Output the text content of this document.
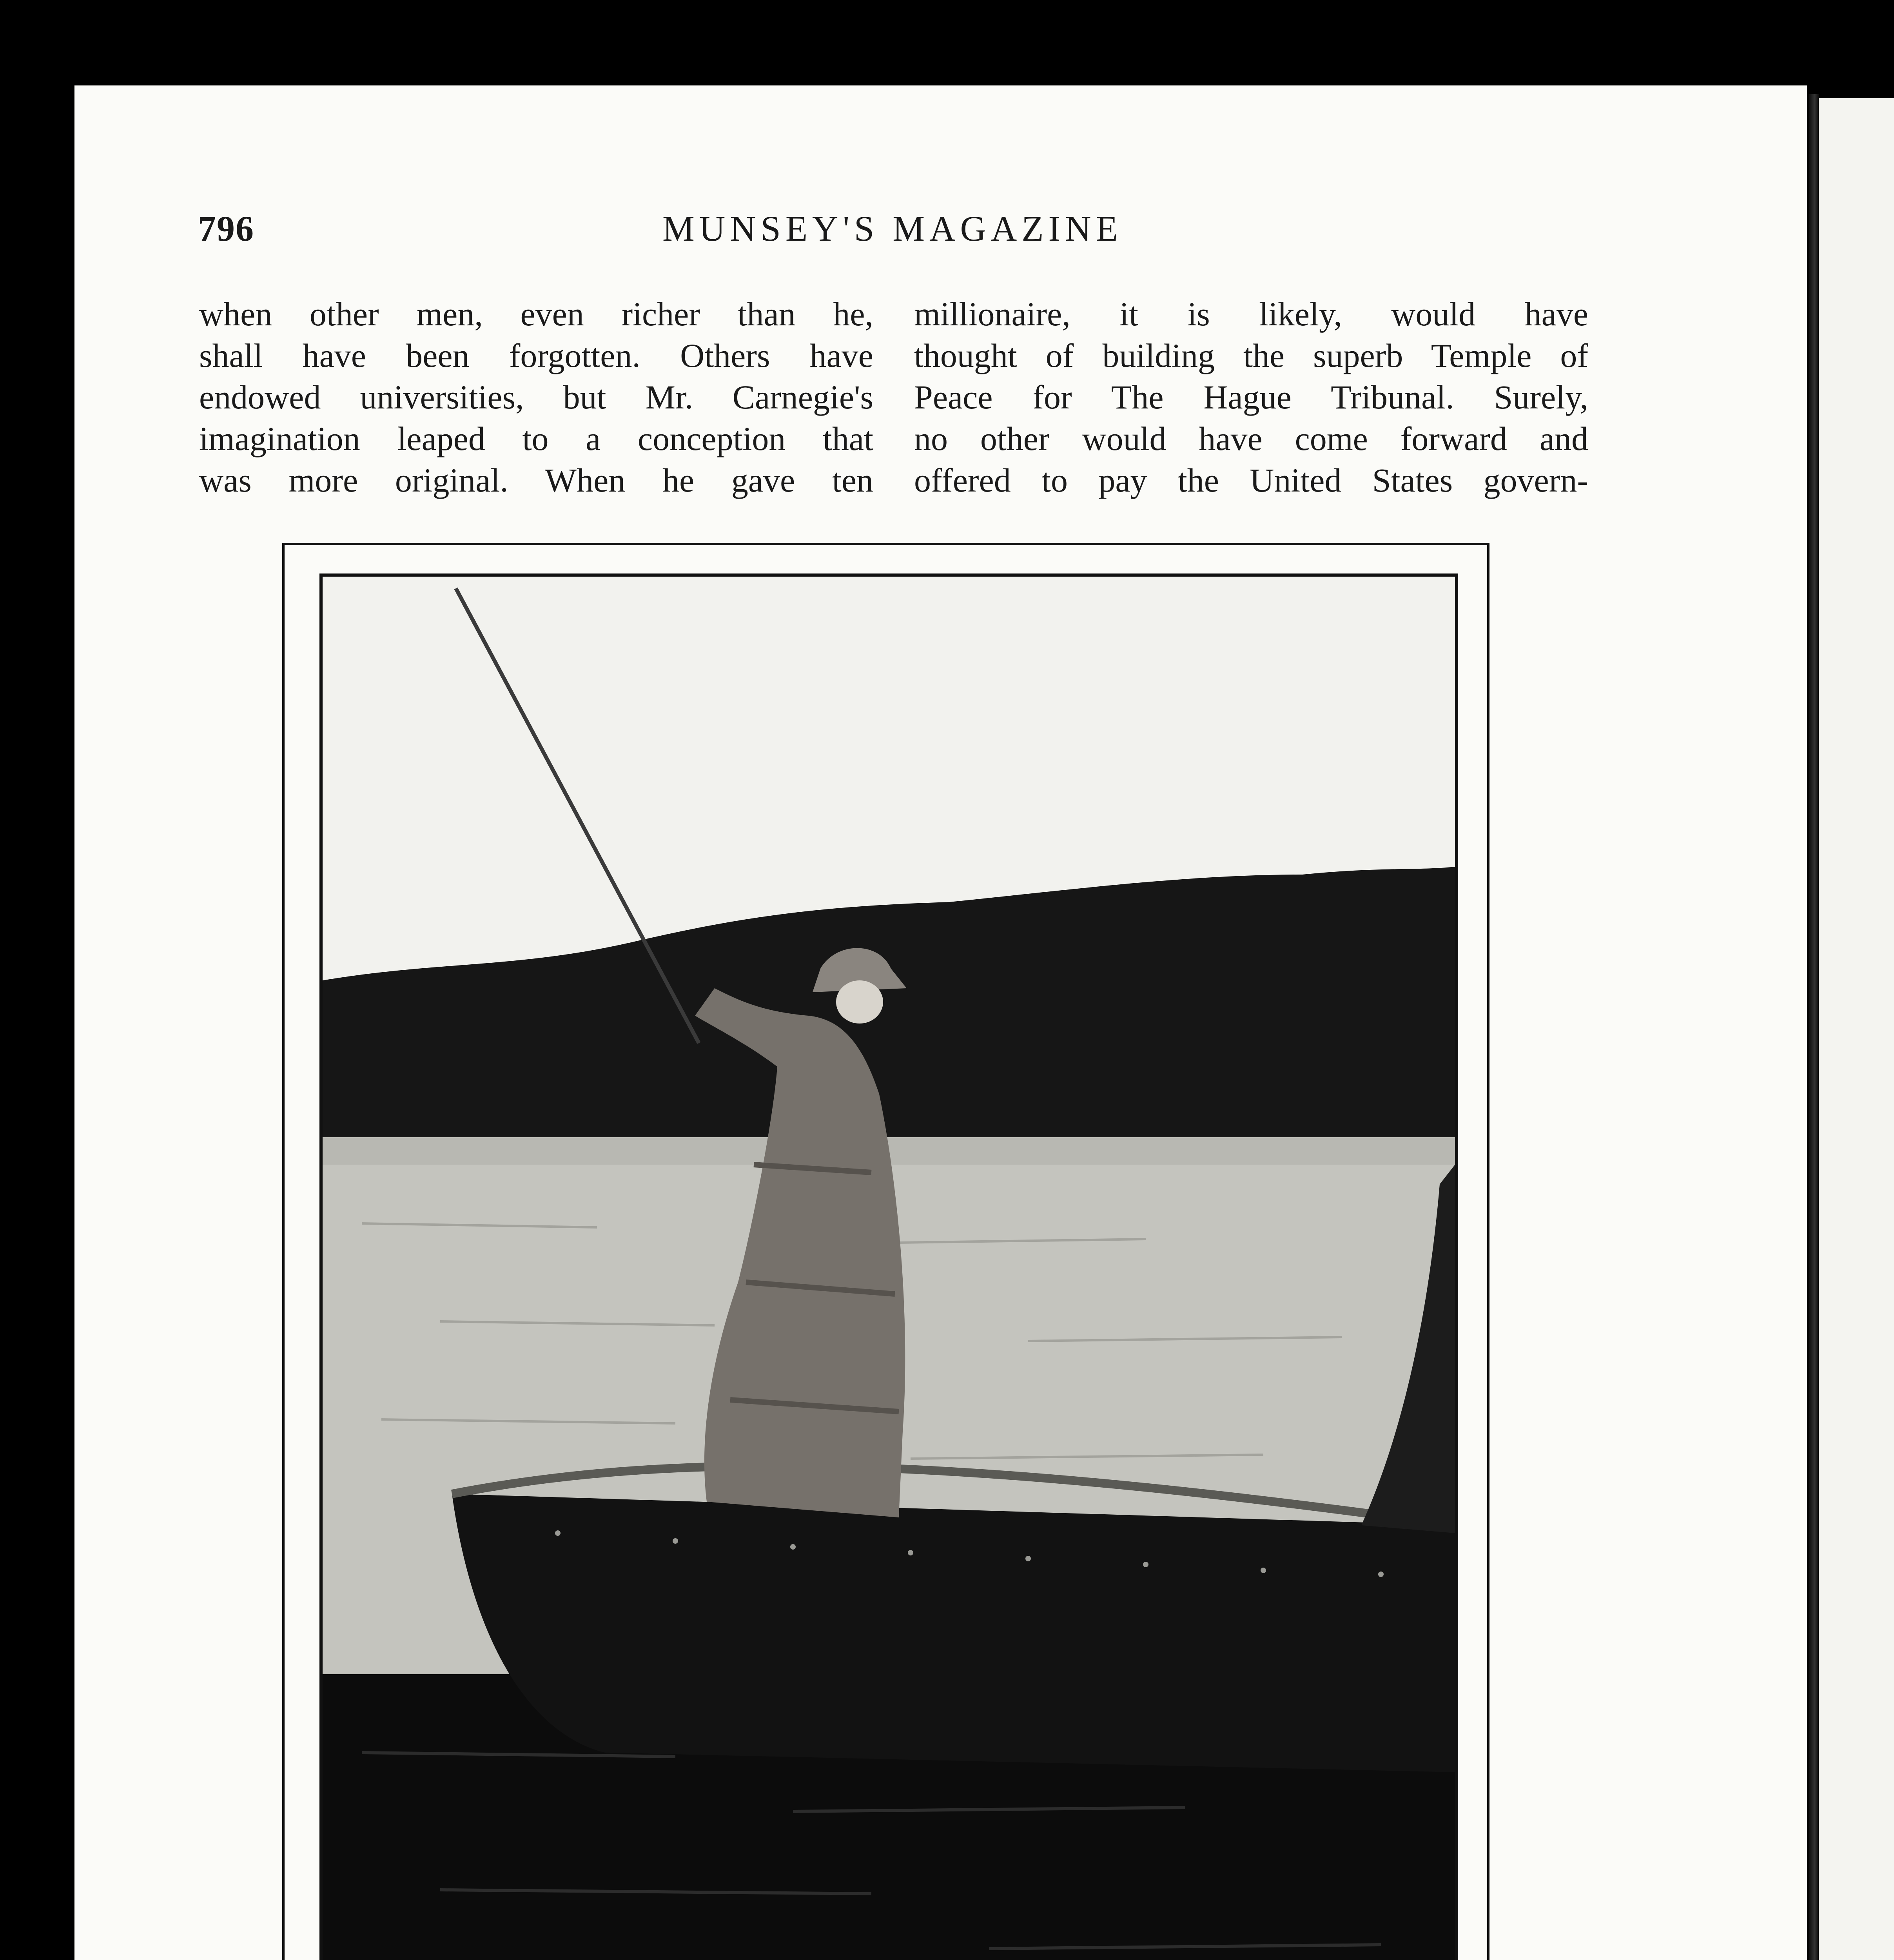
796	MUNSEY'S MAGAZINE
when other men, even richer than he,
shall have been forgotten. Others have
endowed universities, but Mr. Carnegie's
imagination leaped to a conception that
was more original. When he gave ten
millionaire, it is likely, would have
thought of building the superb Temple of
Peace for The Hague Tribunal. Surely,
no other would have come forward and
offered to pay the United States govern-
